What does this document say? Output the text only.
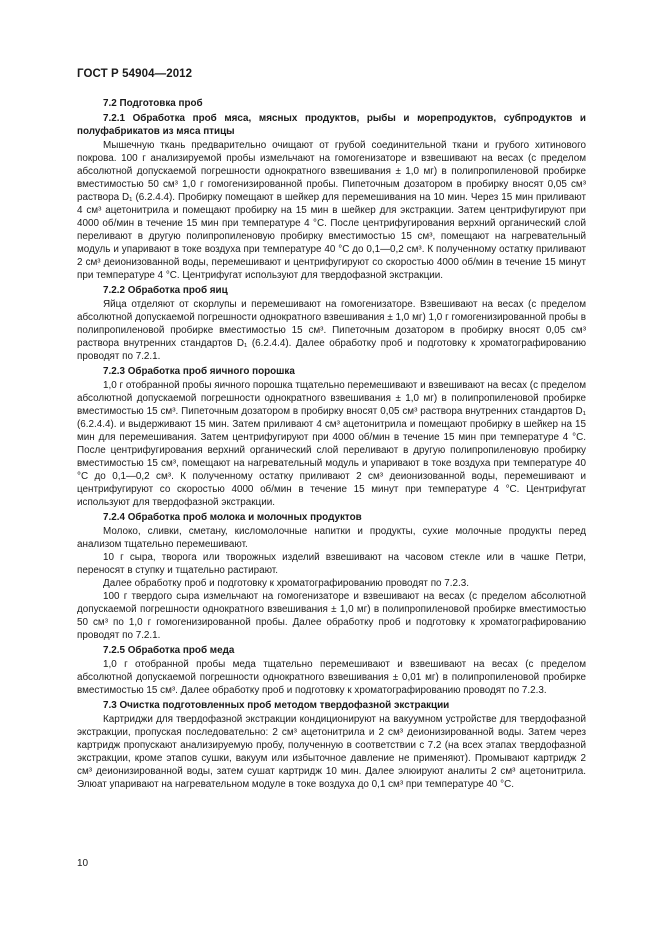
ГОСТ Р 54904—2012

7.2 Подготовка проб

7.2.1 Обработка проб мяса, мясных продуктов, рыбы и морепродуктов, субпродуктов и полуфабрикатов из мяса птицы

Мышечную ткань предварительно очищают от грубой соединительной ткани и грубого хитинового покрова. 100 г анализируемой пробы измельчают на гомогенизаторе и взвешивают на весах (с пределом абсолютной допускаемой погрешности однократного взвешивания ± 1,0 мг) в полипропиленовой пробирке вместимостью 50 см³ 1,0 г гомогенизированной пробы. Пипеточным дозатором в пробирку вносят 0,05 см³ раствора D₁ (6.2.4.4). Пробирку помещают в шейкер для перемешивания на 10 мин. Через 15 мин приливают 4 см³ ацетонитрила и помещают пробирку на 15 мин в шейкер для экстракции. Затем центрифугируют при 4000 об/мин в течение 15 мин при температуре 4 °С. После центрифугирования верхний органический слой переливают в другую полипропиленовую пробирку вместимостью 15 см³, помещают на нагревательный модуль и упаривают в токе воздуха при температуре 40 °С до 0,1—0,2 см³. К полученному остатку приливают 2 см³ деионизованной воды, перемешивают и центрифугируют со скоростью 4000 об/мин в течение 15 минут при температуре 4 °С. Центрифугат используют для твердофазной экстракции.

7.2.2 Обработка проб яиц

Яйца отделяют от скорлупы и перемешивают на гомогенизаторе. Взвешивают на весах (с пределом абсолютной допускаемой погрешности однократного взвешивания ± 1,0 мг) 1,0 г гомогенизированной пробы в полипропиленовой пробирке вместимостью 15 см³. Пипеточным дозатором в пробирку вносят 0,05 см³ раствора внутренних стандартов D₁ (6.2.4.4). Далее обработку проб и подготовку к хроматографированию проводят по 7.2.1.

7.2.3 Обработка проб яичного порошка

1,0 г отобранной пробы яичного порошка тщательно перемешивают и взвешивают на весах (с пределом абсолютной допускаемой погрешности однократного взвешивания ± 1,0 мг) в полипропиленовой пробирке вместимостью 15 см³. Пипеточным дозатором в пробирку вносят 0,05 см³ раствора внутренних стандартов D₁ (6.2.4.4). и выдерживают 15 мин. Затем приливают 4 см³ ацетонитрила и помещают пробирку в шейкер на 15 мин для перемешивания. Затем центрифугируют при 4000 об/мин в течение 15 мин при температуре 4 °С. После центрифугирования верхний органический слой переливают в другую полипропиленовую пробирку вместимостью 15 см³, помещают на нагревательный модуль и упаривают в токе воздуха при температуре 40 °С до 0,1—0,2 см³. К полученному остатку приливают 2 см³ деионизованной воды, перемешивают и центрифугируют со скоростью 4000 об/мин в течение 15 минут при температуре 4 °С. Центрифугат используют для твердофазной экстракции.

7.2.4 Обработка проб молока и молочных продуктов

Молоко, сливки, сметану, кисломолочные напитки и продукты, сухие молочные продукты перед анализом тщательно перемешивают.

10 г сыра, творога или творожных изделий взвешивают на часовом стекле или в чашке Петри, переносят в ступку и тщательно растирают.

Далее обработку проб и подготовку к хроматографированию проводят по 7.2.3.

100 г твердого сыра измельчают на гомогенизаторе и взвешивают на весах (с пределом абсолютной допускаемой погрешности однократного взвешивания ± 1,0 мг) в полипропиленовой пробирке вместимостью 50 см³ по 1,0 г гомогенизированной пробы. Далее обработку проб и подготовку к хроматографированию проводят по 7.2.1.

7.2.5 Обработка проб меда

1,0 г отобранной пробы меда тщательно перемешивают и взвешивают на весах (с пределом абсолютной допускаемой погрешности однократного взвешивания ± 0,01 мг) в полипропиленовой пробирке вместимостью 15 см³. Далее обработку проб и подготовку к хроматографированию проводят по 7.2.3.

7.3 Очистка подготовленных проб методом твердофазной экстракции

Картриджи для твердофазной экстракции кондиционируют на вакуумном устройстве для твердофазной экстракции, пропуская последовательно: 2 см³ ацетонитрила и 2 см³ деионизированной воды. Затем через картридж пропускают анализируемую пробу, полученную в соответствии с 7.2 (на всех этапах твердофазной экстракции, кроме этапов сушки, вакуум или избыточное давление не применяют). Промывают картридж 2 см³ деионизированной воды, затем сушат картридж 10 мин. Далее элюируют аналиты 2 см³ ацетонитрила. Элюат упаривают на нагревательном модуле в токе воздуха до 0,1 см³ при температуре 40 °С.

10
